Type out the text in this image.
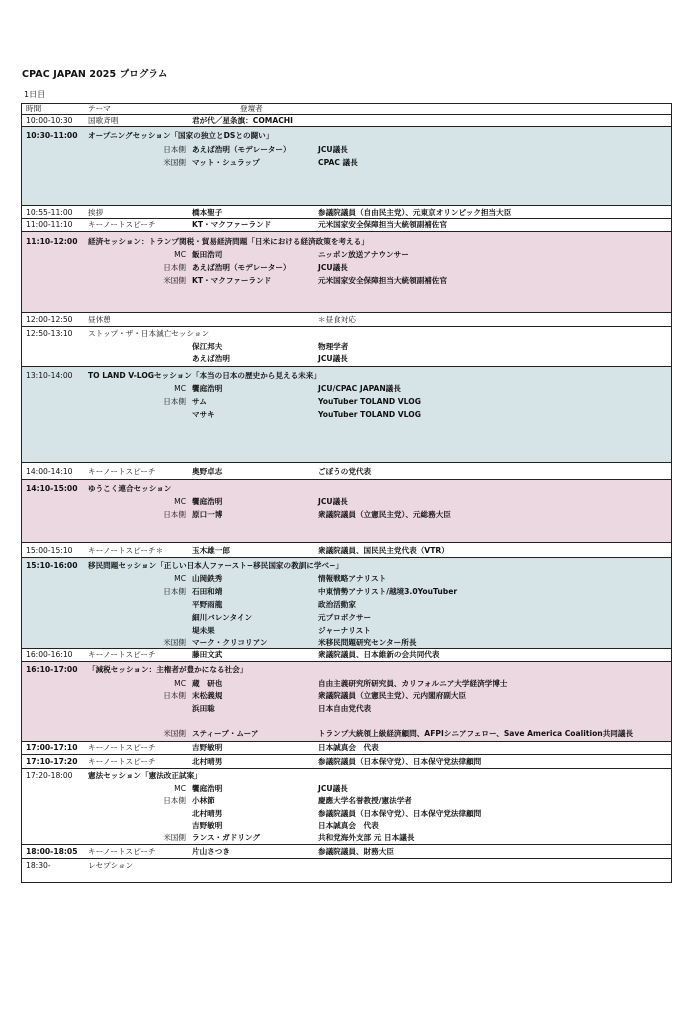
CPAC JAPAN 2025 プログラム
1日目
時間	テーマ	登壇者
10:00-10:30 国歌斉唱	君が代／星条旗：COMACHI
10:30-11:00 オープニングセッション「国家の独立とDSとの闘い」
日本側 あえば浩明（モデレーター）	JCU議長
米国側 マット・シュラップ	CPAC 議長
10:55-11:00 挨拶	橋本聖子	参議院議員（自由民主党）、元東京オリンピック担当大臣
11:00-11:10 キーノートスピーチ	KT・マクファーランド	元米国家安全保障担当大統領副補佐官
11:10-12:00 経済セッション：トランプ関税・貿易経済問題「日米における経済政策を考える」
MC 飯田浩司	ニッポン放送アナウンサー
日本側 あえば浩明（モデレーター）	JCU議長
米国側 KT・マクファーランド	元米国家安全保障担当大統領副補佐官
12:00-12:50 昼休憩	＊昼食対応
12:50-13:10 ストップ・ザ・日本滅亡セッション
保江邦夫	物理学者
あえば浩明	JCU議長
13:10-14:00 TO LAND V-LOGセッション「本当の日本の歴史から見える未来」
MC 饗庭浩明	JCU/CPAC JAPAN議長
日本側 サム	YouTuber TOLAND VLOG
マサキ	YouTuber TOLAND VLOG
14:00-14:10 キーノートスピーチ	奥野卓志	ごぼうの党代表
14:10-15:00 ゆうこく連合セッション
MC 饗庭浩明	JCU議長
日本側 原口一博	衆議院議員（立憲民主党）、元総務大臣
15:00-15:10 キーノートスピーチ＊	玉木雄一郎	衆議院議員、国民民主党代表（VTR）
15:10-16:00 移民問題セッション「正しい日本人ファースト−移民国家の教訓に学べ−」
MC 山岡鉄秀	情報戦略アナリスト
日本側 石田和靖	中東情勢アナリスト/越境3.0YouTuber
平野雨龍	政治活動家
細川バレンタイン	元プロボクサー
堤未果	ジャーナリスト
米国側 マーク・クリコリアン	米移民問題研究センター所長
16:00-16:10 キーノートスピーチ	藤田文武	衆議院議員、日本維新の会共同代表
16:10-17:00 「減税セッション：主権者が豊かになる社会」
MC 蔵　研也	自由主義研究所研究員、カリフォルニア大学経済学博士
日本側 末松義規	衆議院議員（立憲民主党）、元内閣府副大臣
浜田聡	日本自由党代表
米国側 スティーブ・ムーア	トランプ大統領上級経済顧問、AFPIシニアフェロー、Save America Coalition共同議長
17:00-17:10 キーノートスピーチ	吉野敏明	日本誠真会　代表
17:10-17:20 キーノートスピーチ	北村晴男	参議院議員（日本保守党）、日本保守党法律顧問
17:20-18:00 憲法セッション「憲法改正試案」
MC 饗庭浩明	JCU議長
日本側 小林節	慶應大学名誉教授/憲法学者
北村晴男	参議院議員（日本保守党）、日本保守党法律顧問
吉野敏明	日本誠真会　代表
米国側 ランス・ガドリング	共和党海外支部 元 日本議長
18:00-18:05 キーノートスピーチ	片山さつき	参議院議員、財務大臣
18:30-	レセプション
